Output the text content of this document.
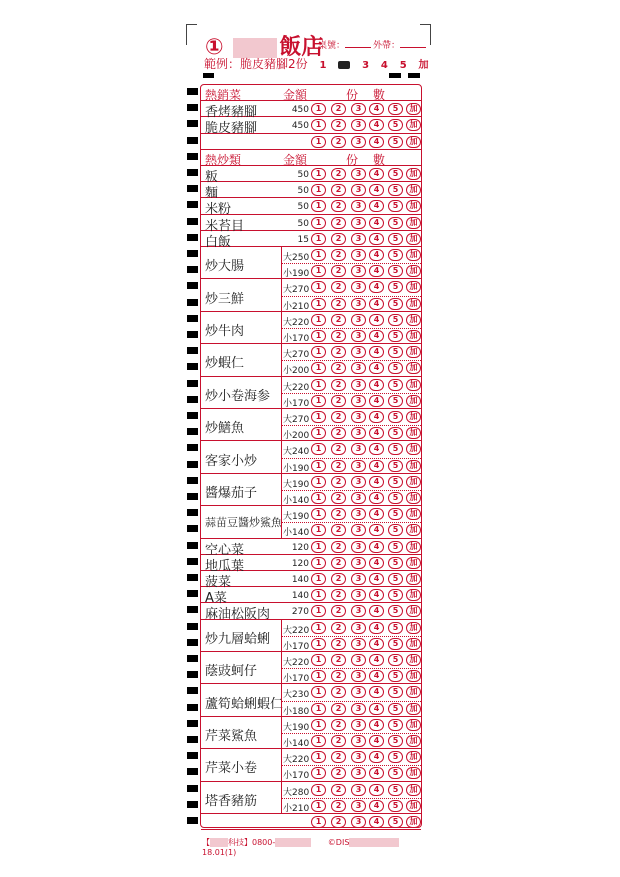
①	飯店
桌號：	外帶：
範例：脆皮豬腳2份 1	3 4 5 加
熱銷菜	金額	份 數
香烤豬腳	450 1	2	3	4	5	加
脆皮豬腳	450 1	2	3	4	5	加
1	2	3	4	5	加
熱炒類	金額	份 數
粄	50 1	2	3	4	5	加
麵	50 1	2	3	4	5	加
米粉	50 1	2	3	4	5	加
米苔目	50 1	2	3	4	5	加
白飯	15 1	2	3	4	5	加
炒大腸
大250 1	2	3	4	5	加
小190 1	2	3	4	5	加
炒三鮮
大270 1	2	3	4	5	加
小210 1	2	3	4	5	加
炒牛肉
大220 1	2	3	4	5	加
小170 1	2	3	4	5	加
炒蝦仁
大270 1	2	3	4	5	加
小200 1	2	3	4	5	加
炒小卷海参
大220 1	2	3	4	5	加
小170 1	2	3	4	5	加
炒鱔魚
大270 1	2	3	4	5	加
小200 1	2	3	4	5	加
客家小炒
大240 1	2	3	4	5	加
小190 1	2	3	4	5	加
醬爆茄子
大190 1	2	3	4	5	加
小140 1	2	3	4	5	加
蒜苗豆醬炒鯊魚 大190 1	2	3	4	5	加
小140 1	2	3	4	5	加
空心菜	120 1	2	3	4	5	加
地瓜葉	120 1	2	3	4	5	加
菠菜	140 1	2	3	4	5	加
A菜	140 1	2	3	4	5	加
麻油松阪肉 270 1	2	3	4	5	加
炒九層蛤蜊
大220 1	2	3	4	5	加
小170 1	2	3	4	5	加
蔭豉蚵仔
大220 1	2	3	4	5	加
小170 1	2	3	4	5	加
蘆筍蛤蜊蝦仁
大230 1	2	3	4	5	加
小180 1	2	3	4	5	加
芹菜鯊魚
大190 1	2	3	4	5	加
小140 1	2	3	4	5	加
芹菜小卷
大220 1	2	3	4	5	加
小170 1	2	3	4	5	加
塔香豬筋
大280 1	2	3	4	5	加
小210 1	2	3	4	5	加
1	2	3	4	5	加
【 科技】0800-	©DIS 18.01(1)
